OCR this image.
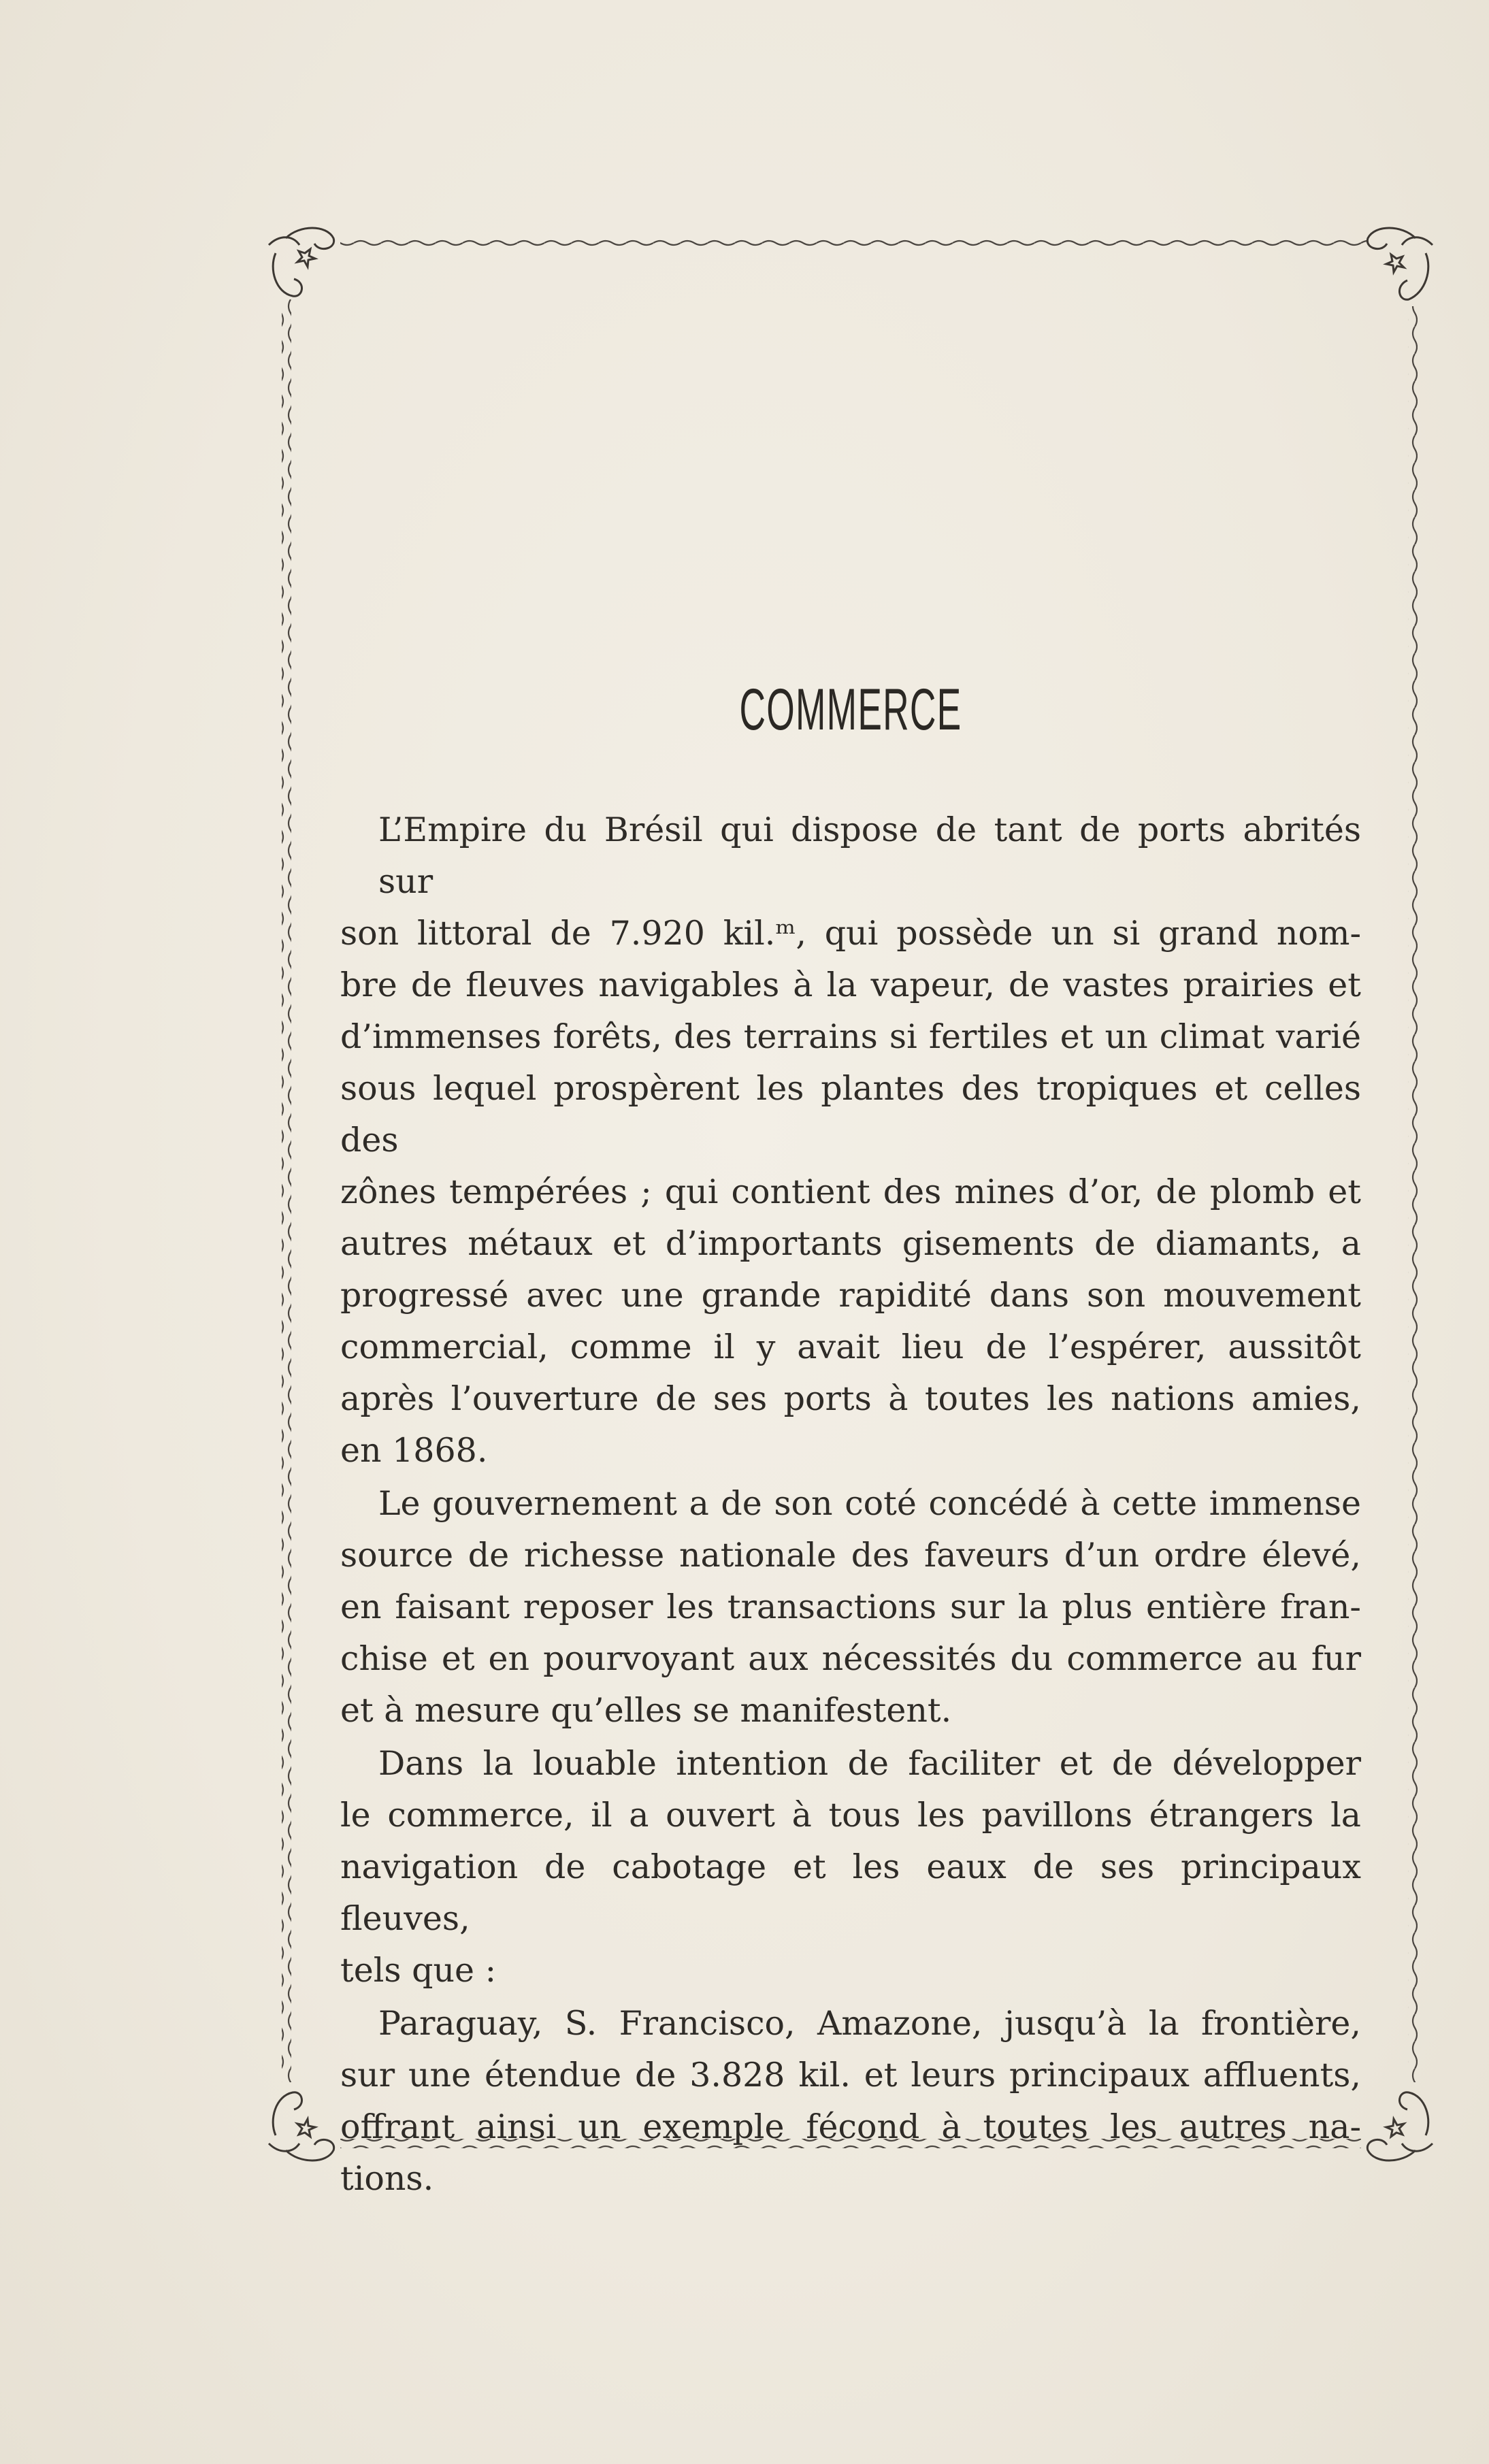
COMMERCE
L’Empire du Brésil qui dispose de tant de ports abrités sur
son littoral de 7.920 kil.ᵐ, qui possède un si grand nom-
bre de fleuves navigables à la vapeur, de vastes prairies et
d’immenses forêts, des terrains si fertiles et un climat varié
sous lequel prospèrent les plantes des tropiques et celles des
zônes tempérées ; qui contient des mines d’or, de plomb et
autres métaux et d’importants gisements de diamants, a
progressé avec une grande rapidité dans son mouvement
commercial, comme il y avait lieu de l’espérer, aussitôt
après l’ouverture de ses ports à toutes les nations amies,
en 1868.
Le gouvernement a de son coté concédé à cette immense
source de richesse nationale des faveurs d’un ordre élevé,
en faisant reposer les transactions sur la plus entière fran-
chise et en pourvoyant aux nécessités du commerce au fur
et à mesure qu’elles se manifestent.
Dans la louable intention de faciliter et de développer
le commerce, il a ouvert à tous les pavillons étrangers la
navigation de cabotage et les eaux de ses principaux fleuves,
tels que :
Paraguay, S. Francisco, Amazone, jusqu’à la frontière,
sur une étendue de 3.828 kil. et leurs principaux affluents,
offrant ainsi un exemple fécond à toutes les autres na-
tions.
